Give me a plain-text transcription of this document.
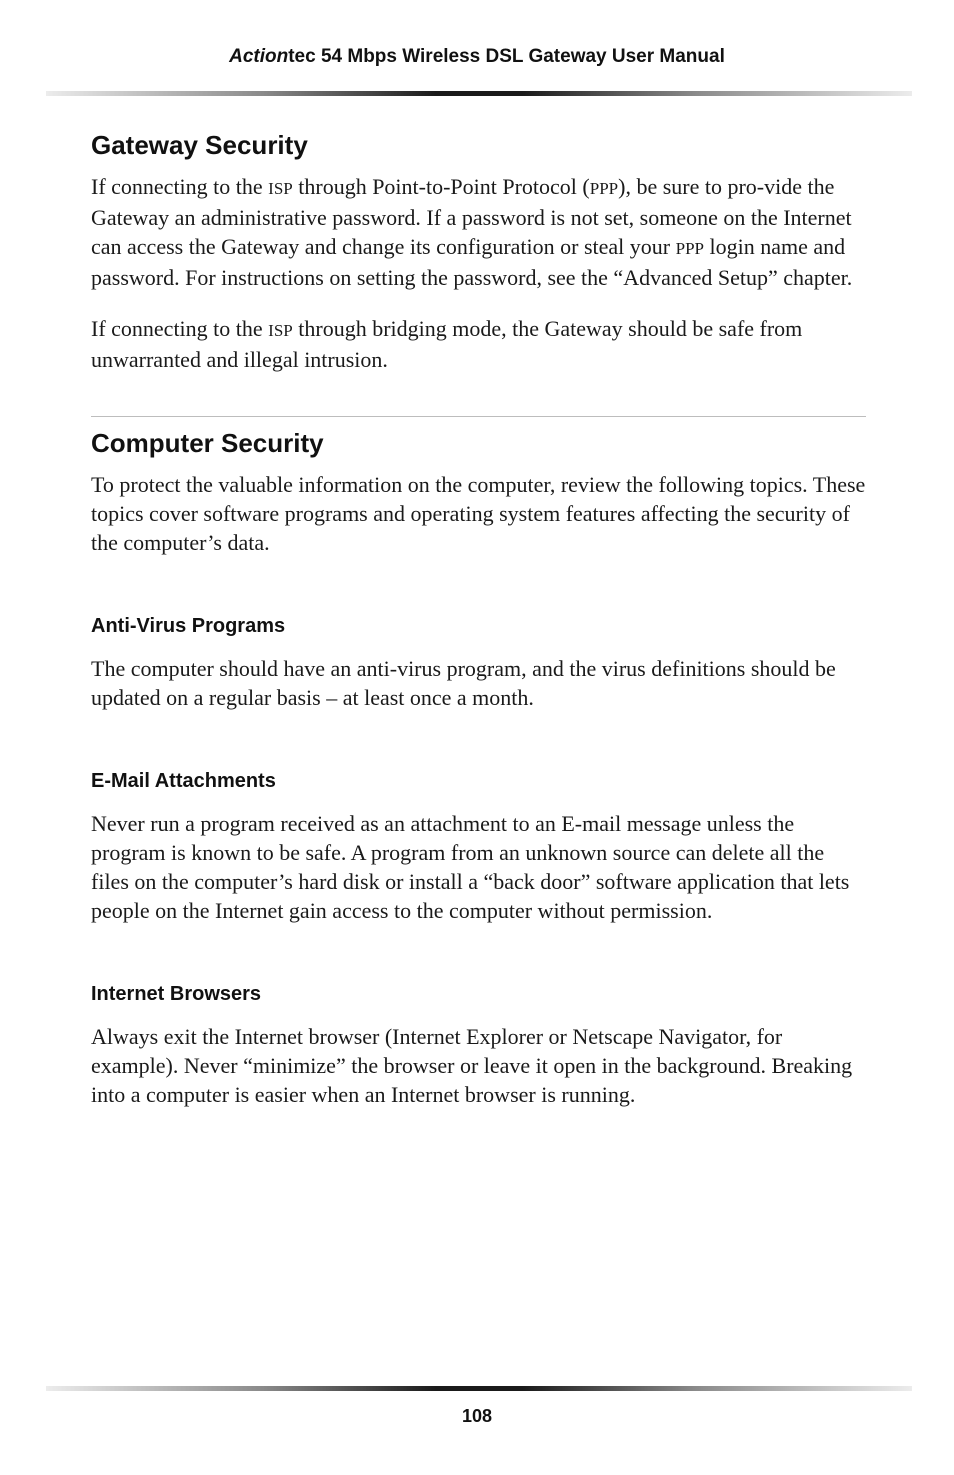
Actiontec 54 Mbps Wireless DSL Gateway User Manual
Gateway Security

If connecting to the ISP through Point-to-Point Protocol (PPP), be sure to pro-vide the Gateway an administrative password. If a password is not set, someone on the Internet can access the Gateway and change its configuration or steal your PPP login name and password. For instructions on setting the password, see the “Advanced Setup” chapter.

If connecting to the ISP through bridging mode, the Gateway should be safe from unwarranted and illegal intrusion.

Computer Security

To protect the valuable information on the computer, review the following topics. These topics cover software programs and operating system features affecting the security of the computer’s data.

Anti-Virus Programs

The computer should have an anti-virus program, and the virus definitions should be updated on a regular basis – at least once a month.

E-Mail Attachments

Never run a program received as an attachment to an E-mail message unless the program is known to be safe. A program from an unknown source can delete all the files on the computer’s hard disk or install a “back door” software application that lets people on the Internet gain access to the computer without permission.

Internet Browsers

Always exit the Internet browser (Internet Explorer or Netscape Navigator, for example). Never “minimize” the browser or leave it open in the background. Breaking into a computer is easier when an Internet browser is running.

108
